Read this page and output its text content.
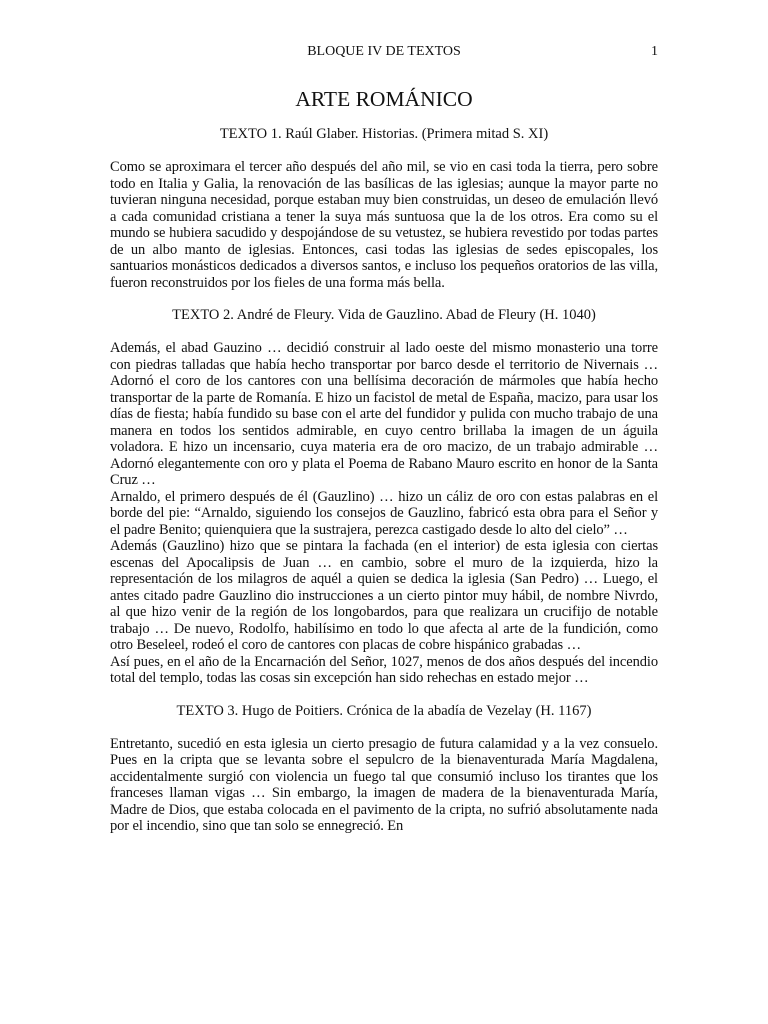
BLOQUE IV DE TEXTOS	1
ARTE ROMÁNICO
TEXTO 1. Raúl Glaber. Historias. (Primera mitad S. XI)

Como se aproximara el tercer año después del año mil, se vio en casi toda la tierra, pero sobre todo en Italia y Galia, la renovación de las basílicas de las iglesias; aunque la mayor parte no tuvieran ninguna necesidad, porque estaban muy bien construidas, un deseo de emulación llevó a cada comunidad cristiana a tener la suya más suntuosa que la de los otros. Era como su el mundo se hubiera sacudido y despojándose de su vetustez, se hubiera revestido por todas partes de un albo manto de iglesias. Entonces, casi todas las iglesias de sedes episcopales, los santuarios monásticos dedicados a diversos santos, e incluso los pequeños oratorios de las villa, fueron reconstruidos por los fieles de una forma más bella.

TEXTO 2. André de Fleury. Vida de Gauzlino. Abad de Fleury (H. 1040)

Además, el abad Gauzino … decidió construir al lado oeste del mismo monasterio una torre con piedras talladas que había hecho transportar por barco desde el territorio de Nivernais … Adornó el coro de los cantores con una bellísima decoración de mármoles que había hecho transportar de la parte de Romanía. E hizo un facistol de metal de España, macizo, para usar los días de fiesta; había fundido su base con el arte del fundidor y pulida con mucho trabajo de una manera en todos los sentidos admirable, en cuyo centro brillaba la imagen de un águila voladora. E hizo un incensario, cuya materia era de oro macizo, de un trabajo admirable … Adornó elegantemente con oro y plata el Poema de Rabano Mauro escrito en honor de la Santa Cruz …

Arnaldo, el primero después de él (Gauzlino) … hizo un cáliz de oro con estas palabras en el borde del pie: “Arnaldo, siguiendo los consejos de Gauzlino, fabricó esta obra para el Señor y el padre Benito; quienquiera que la sustrajera, perezca castigado desde lo alto del cielo” …

Además (Gauzlino) hizo que se pintara la fachada (en el interior) de esta iglesia con ciertas escenas del Apocalipsis de Juan … en cambio, sobre el muro de la izquierda, hizo la representación de los milagros de aquél a quien se dedica la iglesia (San Pedro) … Luego, el antes citado padre Gauzlino dio instrucciones a un cierto pintor muy hábil, de nombre Nivrdo, al que hizo venir de la región de los longobardos, para que realizara un crucifijo de notable trabajo … De nuevo, Rodolfo, habilísimo en todo lo que afecta al arte de la fundición, como otro Beseleel, rodeó el coro de cantores con placas de cobre hispánico grabadas …

Así pues, en el año de la Encarnación del Señor, 1027, menos de dos años después del incendio total del templo, todas las cosas sin excepción han sido rehechas en estado mejor …

TEXTO 3. Hugo de Poitiers. Crónica de la abadía de Vezelay (H. 1167)

Entretanto, sucedió en esta iglesia un cierto presagio de futura calamidad y a la vez consuelo. Pues en la cripta que se levanta sobre el sepulcro de la bienaventurada María Magdalena, accidentalmente surgió con violencia un fuego tal que consumió incluso los tirantes que los franceses llaman vigas … Sin embargo, la imagen de madera de la bienaventurada María, Madre de Dios, que estaba colocada en el pavimento de la cripta, no sufrió absolutamente nada por el incendio, sino que tan solo se ennegreció. En
